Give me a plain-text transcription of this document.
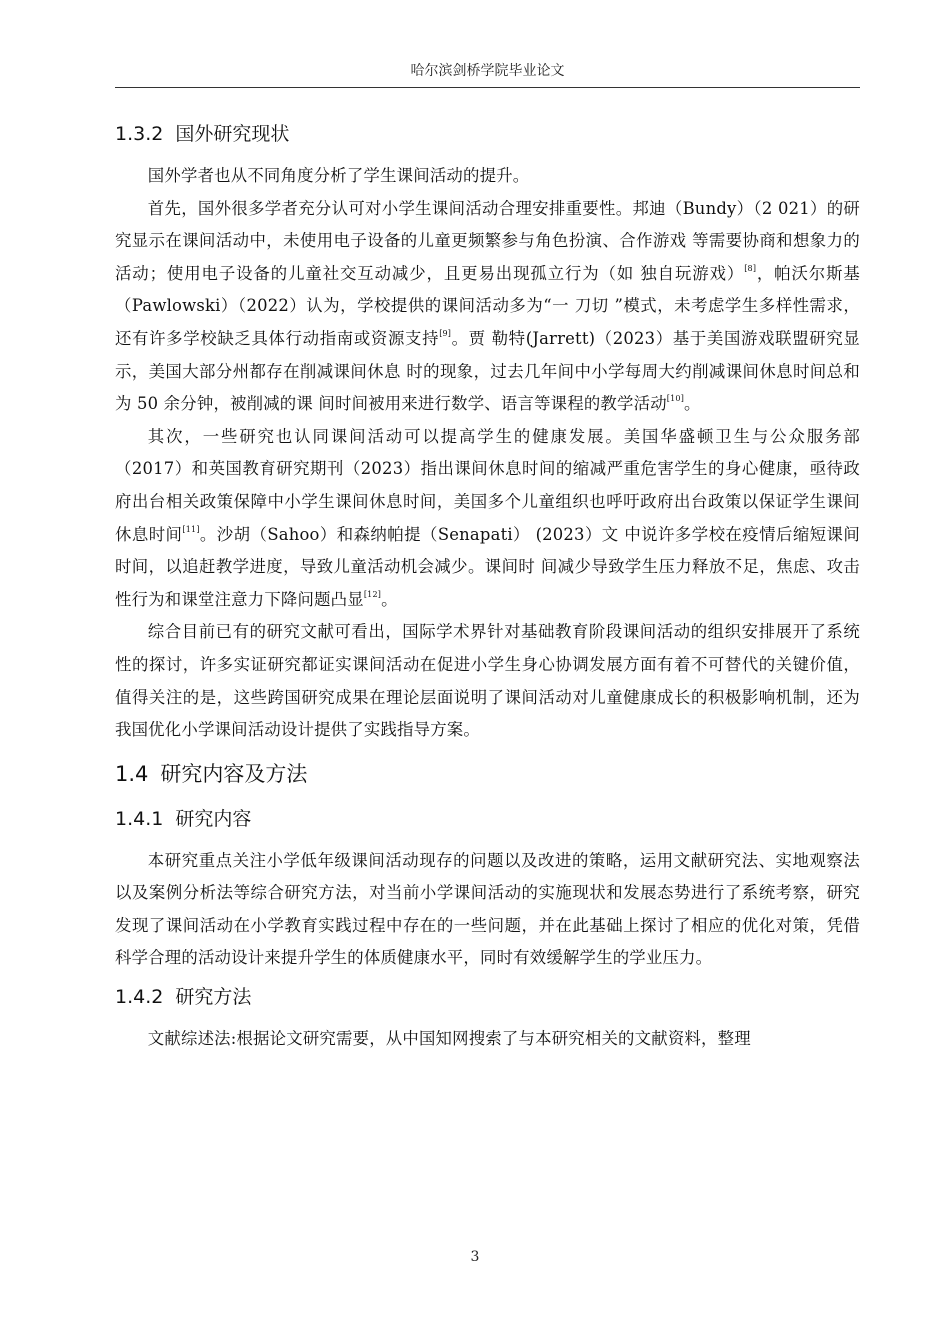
哈尔滨剑桥学院毕业论文
1.3.2 国外研究现状

国外学者也从不同角度分析了学生课间活动的提升。

首先，国外很多学者充分认可对小学生课间活动合理安排重要性。邦迪（Bundy）（2 021）的研究显示在课间活动中，未使用电子设备的儿童更频繁参与角色扮演、合作游戏 等需要协商和想象力的活动；使用电子设备的儿童社交互动减少，且更易出现孤立行为（如 独自玩游戏）[8]，帕沃尔斯基（Pawlowski）（2022）认为，学校提供的课间活动多为“一 刀切 ”模式，未考虑学生多样性需求，还有许多学校缺乏具体行动指南或资源支持[9]。贾 勒特(Jarrett)（2023）基于美国游戏联盟研究显示，美国大部分州都存在削减课间休息 时的现象，过去几年间中小学每周大约削减课间休息时间总和为 50 余分钟，被削减的课 间时间被用来进行数学、语言等课程的教学活动[10]。

其次，一些研究也认同课间活动可以提高学生的健康发展。美国华盛顿卫生与公众服务部（2017）和英国教育研究期刊（2023）指出课间休息时间的缩减严重危害学生的身心健康，亟待政府出台相关政策保障中小学生课间休息时间，美国多个儿童组织也呼吁政府出台政策以保证学生课间休息时间[11]。沙胡（Sahoo）和森纳帕提（Senapati） (2023）文 中说许多学校在疫情后缩短课间时间，以追赶教学进度，导致儿童活动机会减少。课间时 间减少导致学生压力释放不足，焦虑、攻击性行为和课堂注意力下降问题凸显[12]。

综合目前已有的研究文献可看出，国际学术界针对基础教育阶段课间活动的组织安排展开了系统性的探讨，许多实证研究都证实课间活动在促进小学生身心协调发展方面有着不可替代的关键价值，值得关注的是，这些跨国研究成果在理论层面说明了课间活动对儿童健康成长的积极影响机制，还为我国优化小学课间活动设计提供了实践指导方案。

1.4 研究内容及方法
1.4.1 研究内容

本研究重点关注小学低年级课间活动现存的问题以及改进的策略，运用文献研究法、实地观察法以及案例分析法等综合研究方法，对当前小学课间活动的实施现状和发展态势进行了系统考察，研究发现了课间活动在小学教育实践过程中存在的一些问题，并在此基础上探讨了相应的优化对策，凭借科学合理的活动设计来提升学生的体质健康水平，同时有效缓解学生的学业压力。

1.4.2 研究方法

文献综述法:根据论文研究需要，从中国知网搜索了与本研究相关的文献资料，整理

3
